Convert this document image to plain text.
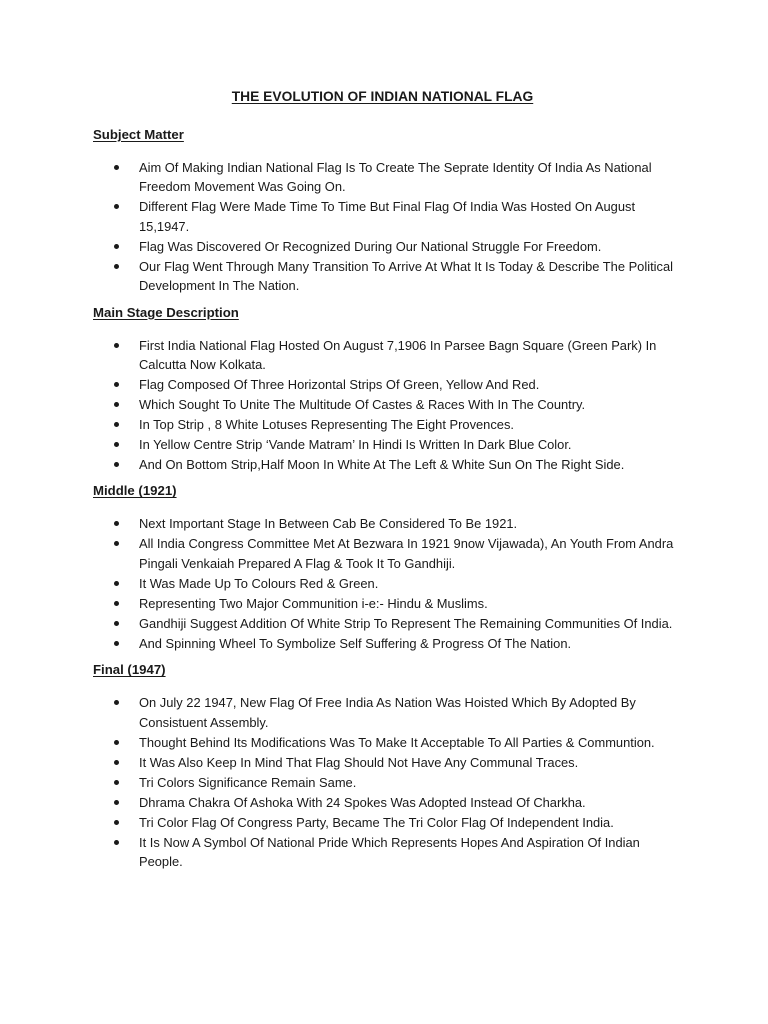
THE EVOLUTION OF INDIAN NATIONAL FLAG
Subject Matter
Aim Of Making Indian National Flag Is To Create The Seprate Identity Of India As National Freedom Movement Was Going On.
Different Flag Were Made Time To Time But Final Flag Of India Was Hosted On August 15,1947.
Flag Was Discovered Or Recognized During Our National Struggle For Freedom.
Our Flag Went Through Many Transition To Arrive At What It Is Today & Describe The Political Development In The Nation.
Main Stage Description
First India National Flag Hosted On August 7,1906 In Parsee Bagn Square (Green Park) In Calcutta Now Kolkata.
Flag Composed Of Three Horizontal Strips Of Green, Yellow And Red.
Which Sought To Unite The Multitude Of Castes & Races With In The Country.
In Top Strip , 8 White Lotuses Representing The Eight Provences.
In Yellow Centre Strip ‘Vande Matram’ In Hindi Is Written In Dark Blue Color.
And On Bottom Strip,Half Moon In White At The Left & White Sun On The Right Side.
Middle (1921)
Next Important Stage In Between Cab Be Considered To Be 1921.
All India Congress Committee Met At Bezwara In 1921 9now Vijawada), An Youth From Andra Pingali Venkaiah Prepared A Flag & Took It To Gandhiji.
It Was Made Up To Colours Red & Green.
Representing Two Major Communition i-e:- Hindu & Muslims.
Gandhiji Suggest Addition Of White Strip To Represent The Remaining Communities Of India.
And Spinning Wheel To Symbolize Self Suffering & Progress Of The Nation.
Final (1947)
On July 22 1947, New Flag Of Free India As Nation Was Hoisted Which By Adopted By Consistuent Assembly.
Thought Behind Its Modifications Was To Make It Acceptable To All Parties & Communtion.
It Was Also Keep In Mind That Flag Should Not Have Any Communal Traces.
Tri Colors Significance Remain Same.
Dhrama Chakra Of Ashoka With 24 Spokes Was Adopted Instead Of Charkha.
Tri Color Flag Of Congress Party, Became The Tri Color Flag Of Independent India.
It Is Now A Symbol Of National Pride Which Represents Hopes And Aspiration Of Indian People.
